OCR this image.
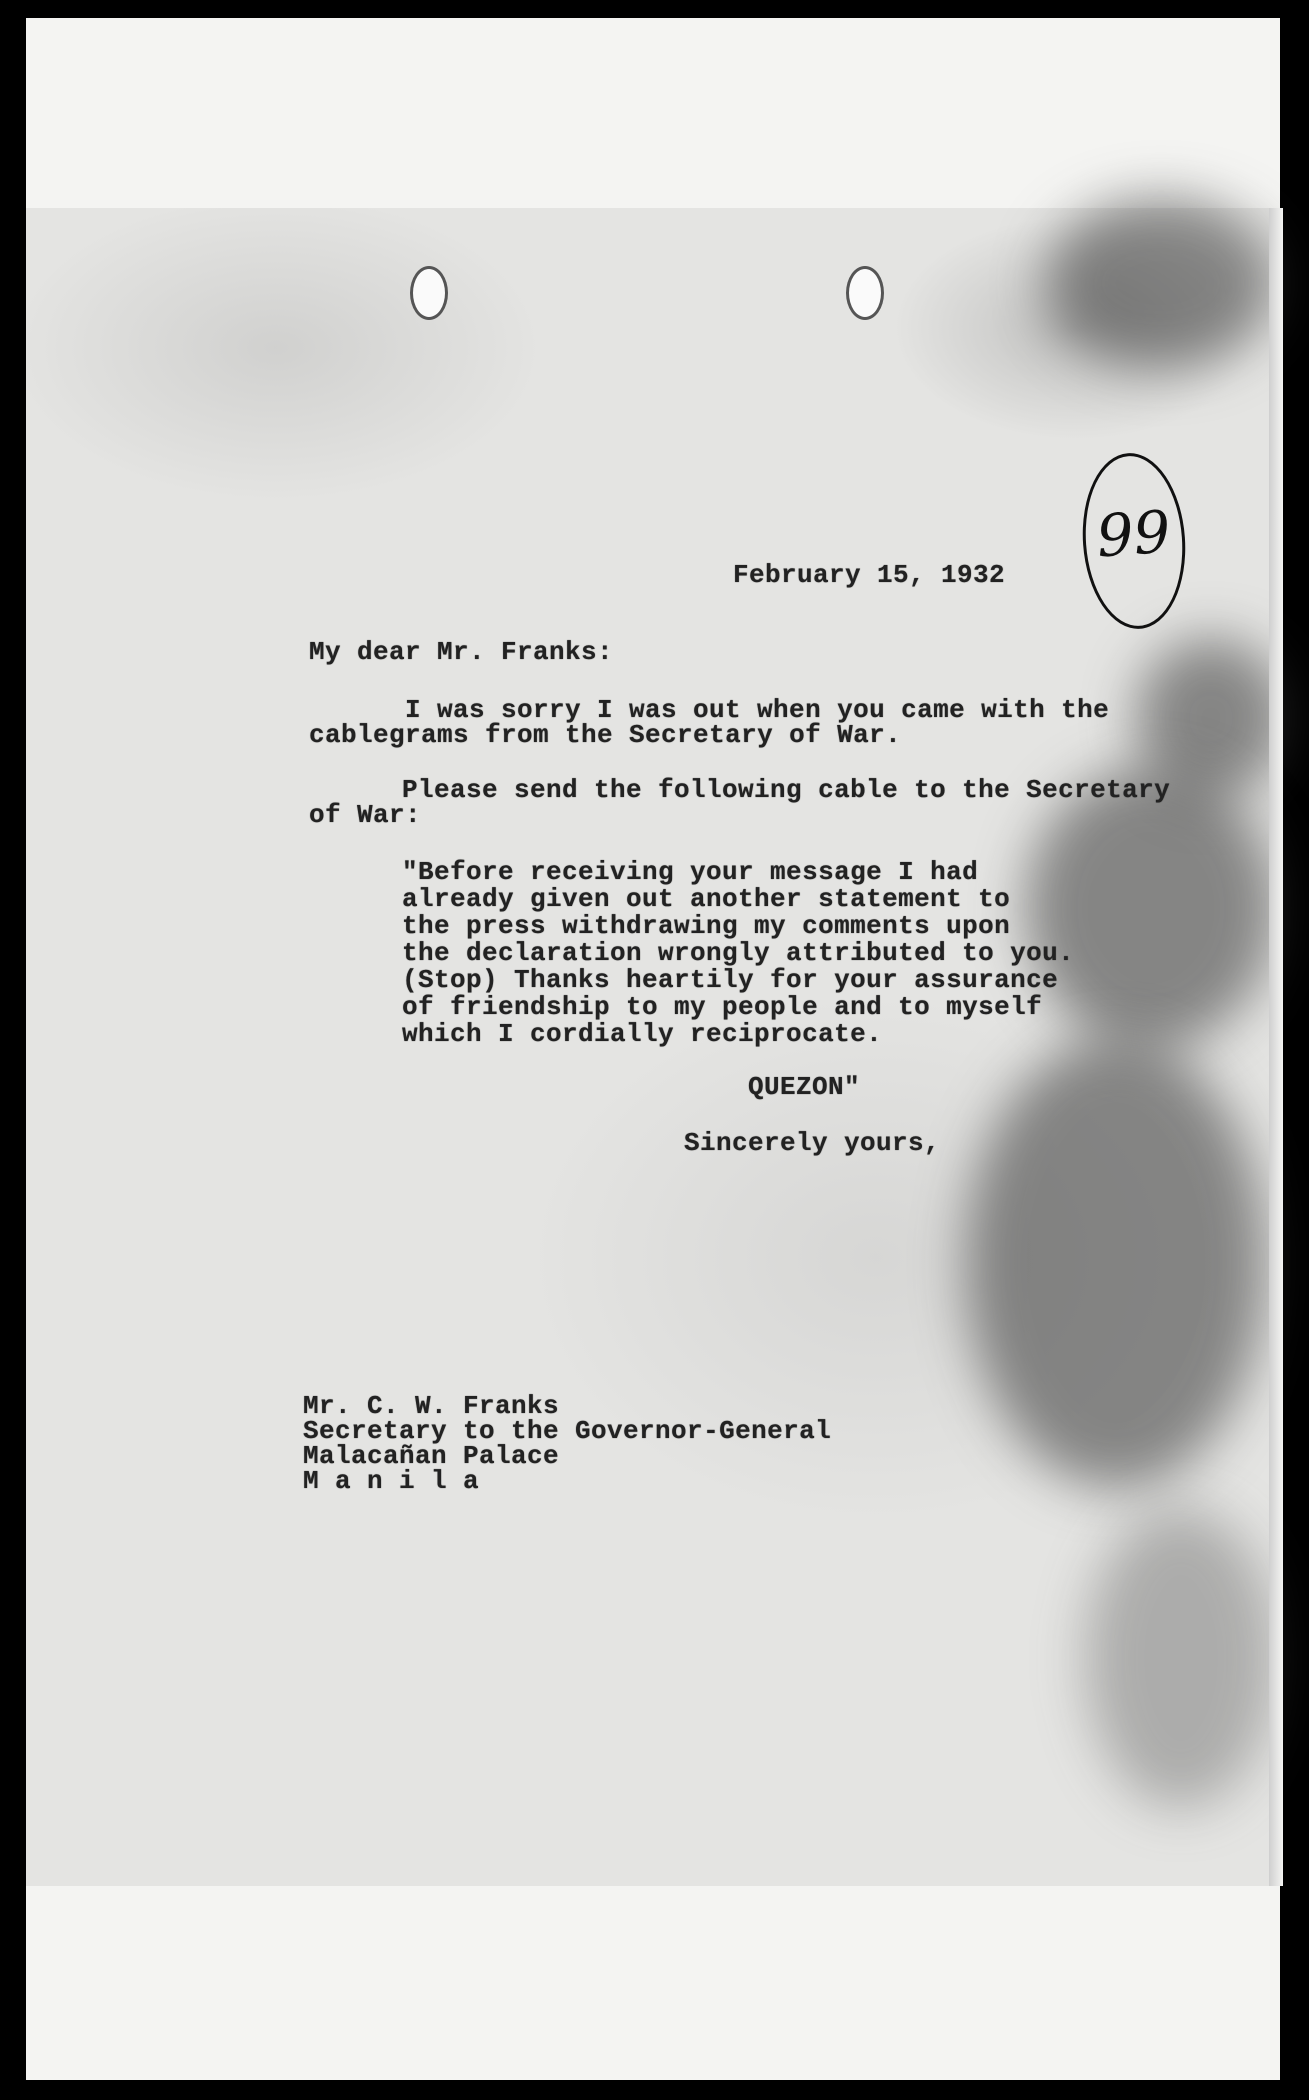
99
February 15, 1932
My dear Mr. Franks:
I was sorry I was out when you came with the
cablegrams from the Secretary of War.
Please send the following cable to the Secretary
of War:
"Before receiving your message I had
already given out another statement to
the press withdrawing my comments upon
the declaration wrongly attributed to you.
(Stop) Thanks heartily for your assurance
of friendship to my people and to myself
which I cordially reciprocate.
QUEZON"
Sincerely yours,
Mr. C. W. Franks
Secretary to the Governor-General
Malacañan Palace
M a n i l a
